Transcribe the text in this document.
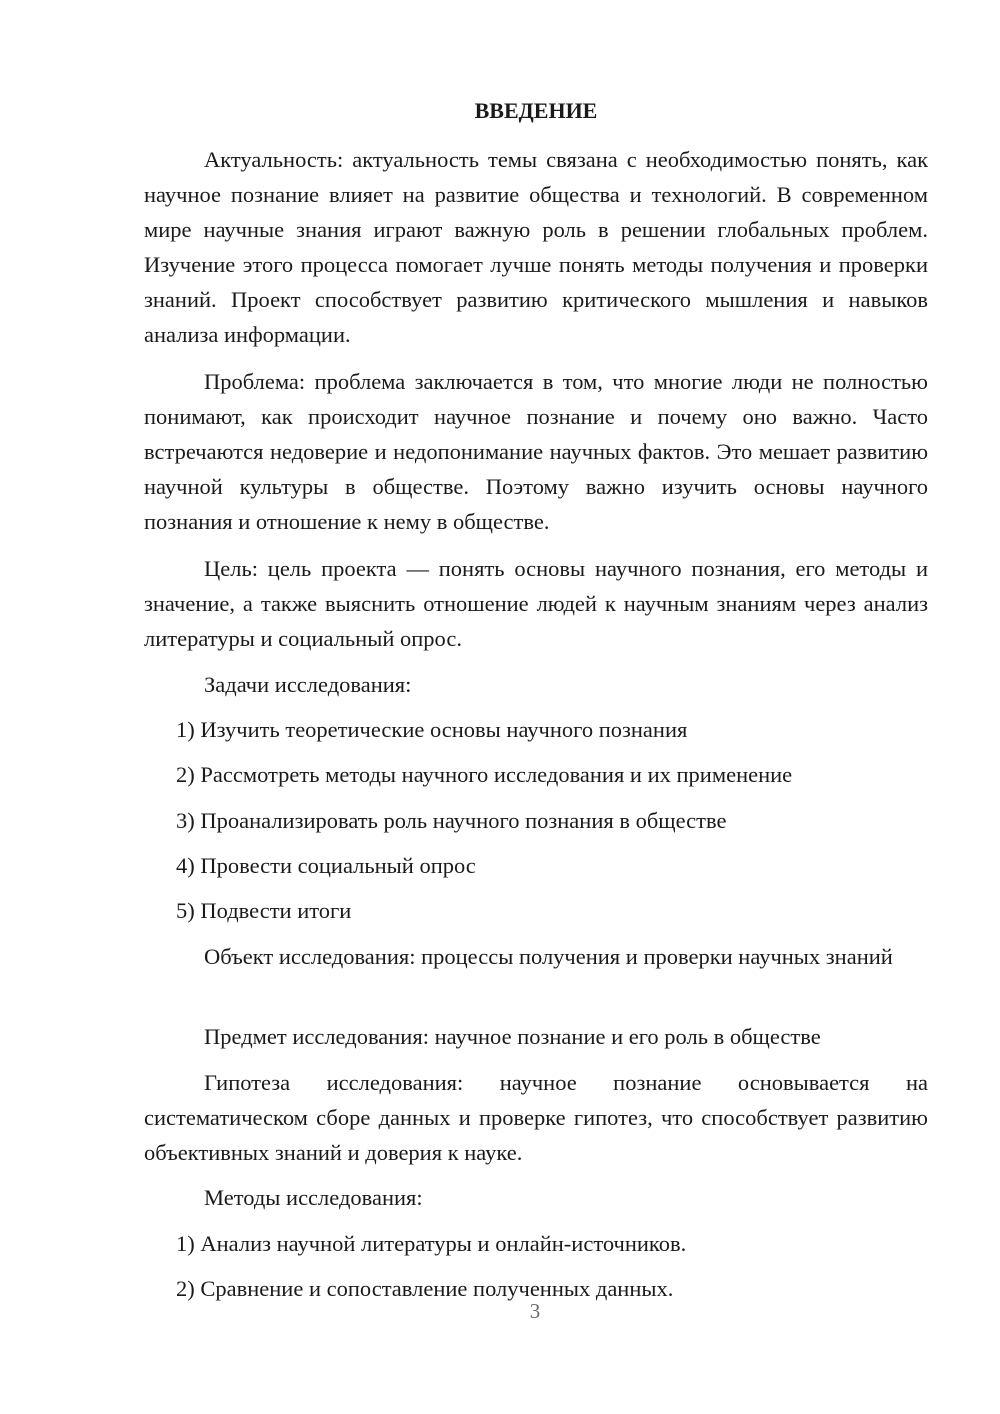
ВВЕДЕНИЕ

Актуальность: актуальность темы связана с необходимостью понять, как научное познание влияет на развитие общества и технологий. В современном мире научные знания играют важную роль в решении глобальных проблем. Изучение этого процесса помогает лучше понять методы получения и проверки знаний. Проект способствует развитию критического мышления и навыков анализа информации.

Проблема: проблема заключается в том, что многие люди не полностью понимают, как происходит научное познание и почему оно важно. Часто встречаются недоверие и недопонимание научных фактов. Это мешает развитию научной культуры в обществе. Поэтому важно изучить основы научного познания и отношение к нему в обществе.

Цель: цель проекта — понять основы научного познания, его методы и значение, а также выяснить отношение людей к научным знаниям через анализ литературы и социальный опрос.

Задачи исследования:

1) Изучить теоретические основы научного познания

2) Рассмотреть методы научного исследования и их применение

3) Проанализировать роль научного познания в обществе

4) Провести социальный опрос

5) Подвести итоги

Объект исследования: процессы получения и проверки научных знаний

Предмет исследования: научное познание и его роль в обществе

Гипотеза исследования: научное познание основывается на систематическом сборе данных и проверке гипотез, что способствует развитию объективных знаний и доверия к науке.

Методы исследования:

1) Анализ научной литературы и онлайн-источников.

2) Сравнение и сопоставление полученных данных.

3
